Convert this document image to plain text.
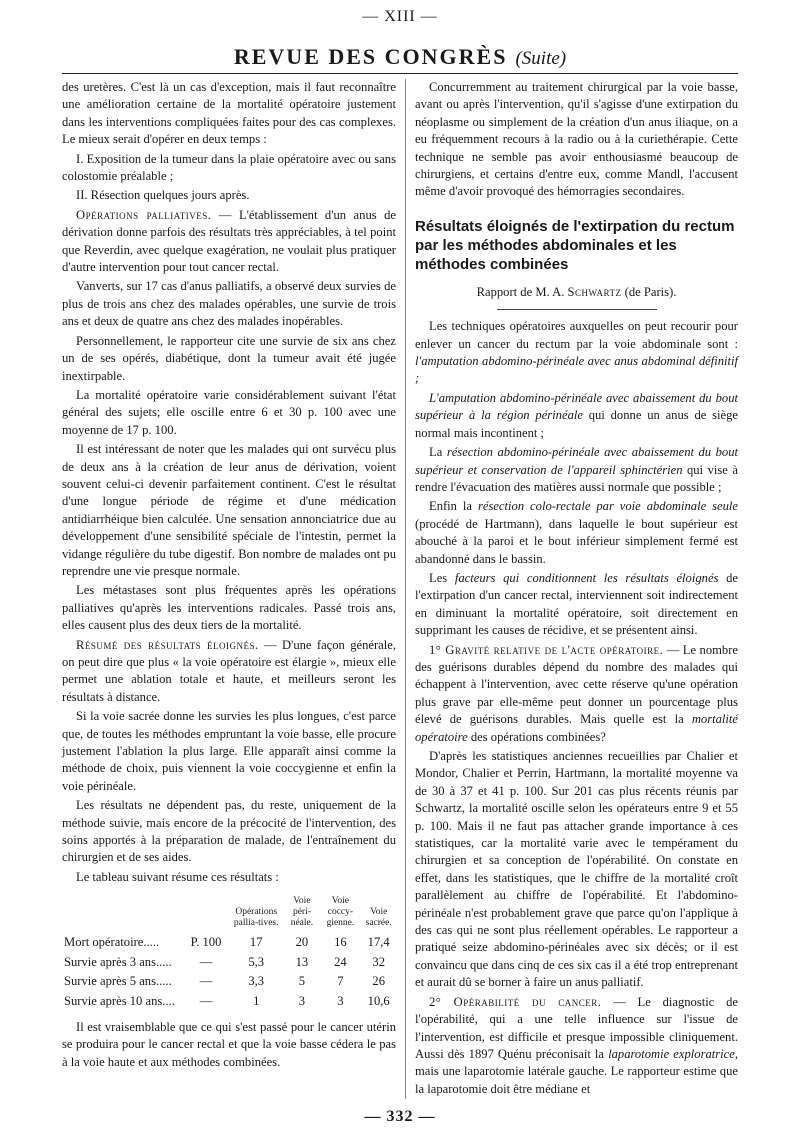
— XIII —
REVUE DES CONGRÈS (Suite)

des uretères. C'est là un cas d'exception, mais il faut reconnaître une amélioration certaine de la mortalité opératoire justement dans les interventions compliquées faites pour des cas complexes. Le mieux serait d'opérer en deux temps :

I. Exposition de la tumeur dans la plaie opératoire avec ou sans colostomie préalable ;

II. Résection quelques jours après.

Opérations palliatives. — L'établissement d'un anus de dérivation donne parfois des résultats très appréciables, à tel point que Reverdin, avec quelque exagération, ne voulait plus pratiquer d'autre intervention pour tout cancer rectal.

Vanverts, sur 17 cas d'anus palliatifs, a observé deux survies de plus de trois ans chez des malades opérables, une survie de trois ans et deux de quatre ans chez des malades inopérables.

Personnellement, le rapporteur cite une survie de six ans chez un de ses opérés, diabétique, dont la tumeur avait été jugée inextirpable.

La mortalité opératoire varie considérablement suivant l'état général des sujets; elle oscille entre 6 et 30 p. 100 avec une moyenne de 17 p. 100.

Il est intéressant de noter que les malades qui ont survécu plus de deux ans à la création de leur anus de dérivation, voient souvent celui-ci devenir parfaitement continent. C'est le résultat d'une longue période de régime et d'une médication antidiarrhéique bien calculée. Une sensation annonciatrice due au développement d'une sensibilité spéciale de l'intestin, permet la vidange régulière du tube digestif. Bon nombre de malades ont pu reprendre une vie presque normale.

Les métastases sont plus fréquentes après les opérations palliatives qu'après les interventions radicales. Passé trois ans, elles causent plus des deux tiers de la mortalité.

Résumé des résultats éloignés. — D'une façon générale, on peut dire que plus « la voie opératoire est élargie », mieux elle permet une ablation totale et haute, et meilleurs seront les résultats à distance.

Si la voie sacrée donne les survies les plus longues, c'est parce que, de toutes les méthodes empruntant la voie basse, elle procure justement l'ablation la plus large. Elle apparaît ainsi comme la méthode de choix, puis viennent la voie coccygienne et enfin la voie périnéale.

Les résultats ne dépendent pas, du reste, uniquement de la méthode suivie, mais encore de la précocité de l'intervention, des soins apportés à la préparation de malade, de l'entraînement du chirurgien et de ses aides.

Le tableau suivant résume ces résultats :

		Opérations pallia-tives.	Voie péri-néale.	Voie coccy-gienne.	Voie sacrée.
Mort opératoire.....	P. 100	17	20	16	17,4
Survie après 3 ans.....	—	5,3	13	24	32
Survie après 5 ans.....	—	3,3	5	7	26
Survie après 10 ans....	—	1	3	3	10,6

Il est vraisemblable que ce qui s'est passé pour le cancer utérin se produira pour le cancer rectal et que la voie basse cédera le pas à la voie haute et aux méthodes combinées.

Concurremment au traitement chirurgical par la voie basse, avant ou après l'intervention, qu'il s'agisse d'une extirpation du néoplasme ou simplement de la création d'un anus iliaque, on a eu fréquemment recours à la radio ou à la curiethérapie. Cette technique ne semble pas avoir enthousiasmé beaucoup de chirurgiens, et certains d'entre eux, comme Mandl, l'accusent même d'avoir provoqué des hémorragies secondaires.

Résultats éloignés de l'extirpation du rectum par les méthodes abdominales et les méthodes combinées

Rapport de M. A. Schwartz (de Paris).

Les techniques opératoires auxquelles on peut recourir pour enlever un cancer du rectum par la voie abdominale sont : l'amputation abdomino-périnéale avec anus abdominal définitif ;

L'amputation abdomino-périnéale avec abaissement du bout supérieur à la région périnéale qui donne un anus de siège normal mais incontinent ;

La résection abdomino-périnéale avec abaissement du bout supérieur et conservation de l'appareil sphinctérien qui vise à rendre l'évacuation des matières aussi normale que possible ;

Enfin la résection colo-rectale par voie abdominale seule (procédé de Hartmann), dans laquelle le bout supérieur est abouché à la paroi et le bout inférieur simplement fermé est abandonné dans le bassin.

Les facteurs qui conditionnent les résultats éloignés de l'extirpation d'un cancer rectal, interviennent soit indirectement en diminuant la mortalité opératoire, soit directement en supprimant les causes de récidive, et se présentent ainsi.

1° Gravité relative de l'acte opératoire. — Le nombre des guérisons durables dépend du nombre des malades qui échappent à l'intervention, avec cette réserve qu'une opération plus grave par elle-même peut donner un pourcentage plus élevé de guérisons durables. Mais quelle est la mortalité opératoire des opérations combinées?

D'après les statistiques anciennes recueillies par Chalier et Mondor, Chalier et Perrin, Hartmann, la mortalité moyenne va de 30 à 37 et 41 p. 100. Sur 201 cas plus récents réunis par Schwartz, la mortalité oscille selon les opérateurs entre 9 et 55 p. 100. Mais il ne faut pas attacher grande importance à ces statistiques, car la mortalité varie avec le tempérament du chirurgien et sa conception de l'opérabilité. On constate en effet, dans les statistiques, que le chiffre de la mortalité croît parallèlement au chiffre de l'opérabilité. Et l'abdomino-périnéale n'est probablement grave que parce qu'on l'applique à des cas qui ne sont plus réellement opérables. Le rapporteur a pratiqué seize abdomino-périnéales avec six décès; or il est convaincu que dans cinq de ces six cas il a été trop entreprenant et aurait dû se borner à faire un anus palliatif.

2° Opérabilité du cancer. — Le diagnostic de l'opérabilité, qui a une telle influence sur l'issue de l'intervention, est difficile et presque impossible cliniquement. Aussi dès 1897 Quénu préconisait la laparotomie exploratrice, mais une laparotomie latérale gauche. Le rapporteur estime que la laparotomie doit être médiane et

— 332 —
